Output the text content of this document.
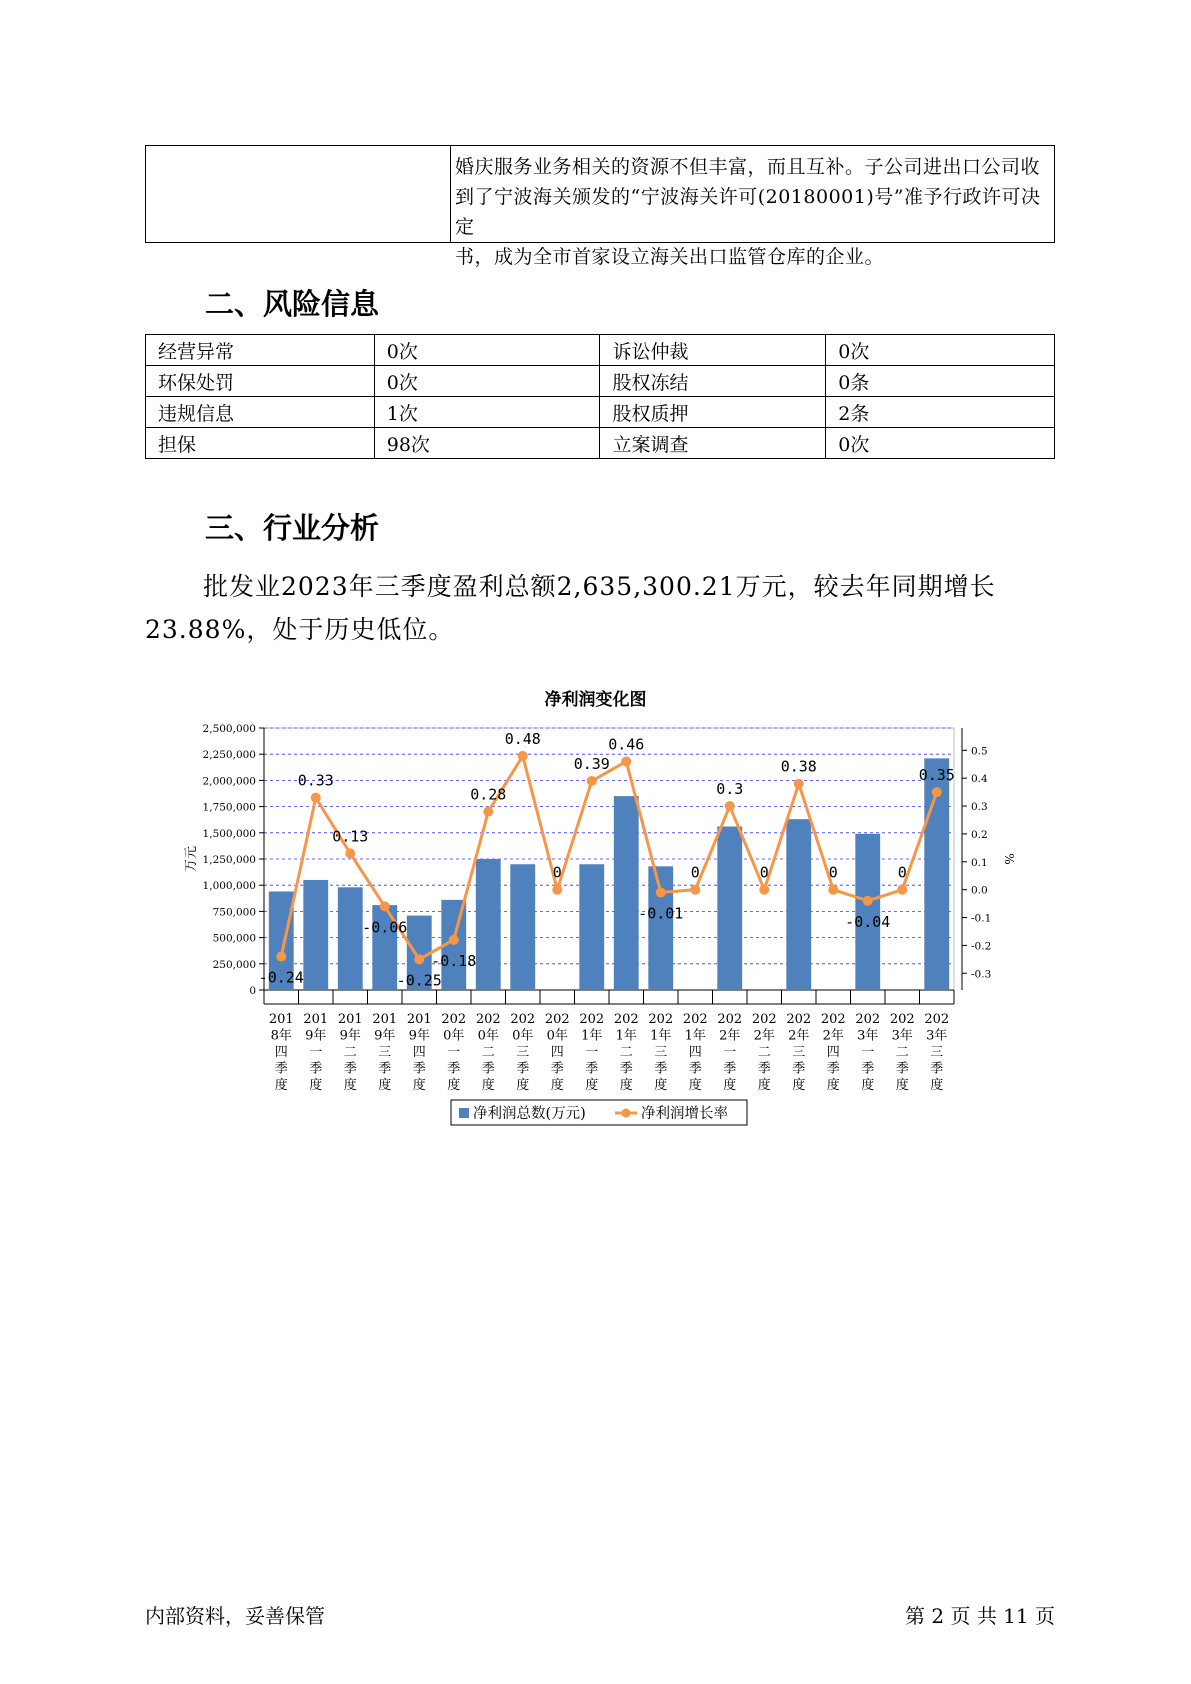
婚庆服务业务相关的资源不但丰富，而且互补。子公司进出口公司收
到了宁波海关颁发的“宁波海关许可(20180001)号”准予行政许可决定
书，成为全市首家设立海关出口监管仓库的企业。
二、风险信息
经营异常	0次	诉讼仲裁	0次
环保处罚	0次	股权冻结	0条
违规信息	1次	股权质押	2条
担保	98次	立案调查	0次
三、行业分析
批发业2023年三季度盈利总额2,635,300.21万元，较去年同期增长23.88%，处于历史低位。
净利润变化图
0
250,000
500,000
750,000
1,000,000
1,250,000
1,500,000
1,750,000
2,000,000
2,250,000
2,500,000
万元
-0.3
-0.2
-0.1
0.0
0.1
0.2
0.3
0.4
0.5
%
201
8年
四
季
度
201
9年
一
季
度
201
9年
二
季
度
201
9年
三
季
度
201
9年
四
季
度
202
0年
一
季
度
202
0年
二
季
度
202
0年
三
季
度
202
0年
四
季
度
202
1年
一
季
度
202
1年
二
季
度
202
1年
三
季
度
202
1年
四
季
度
202
2年
一
季
度
202
2年
二
季
度
202
2年
三
季
度
202
2年
四
季
度
202
3年
一
季
度
202
3年
二
季
度
202
3年
三
季
度
-0.24
0.33
0.13
-0.06
-0.25
-0.18
0.28
0.48
0
0.39
0.46
-0.01
0
0.3
0
0.38
0
-0.04
0
0.35
净利润总数(万元)	净利润增长率
内部资料，妥善保管	第 2 页 共 11 页
